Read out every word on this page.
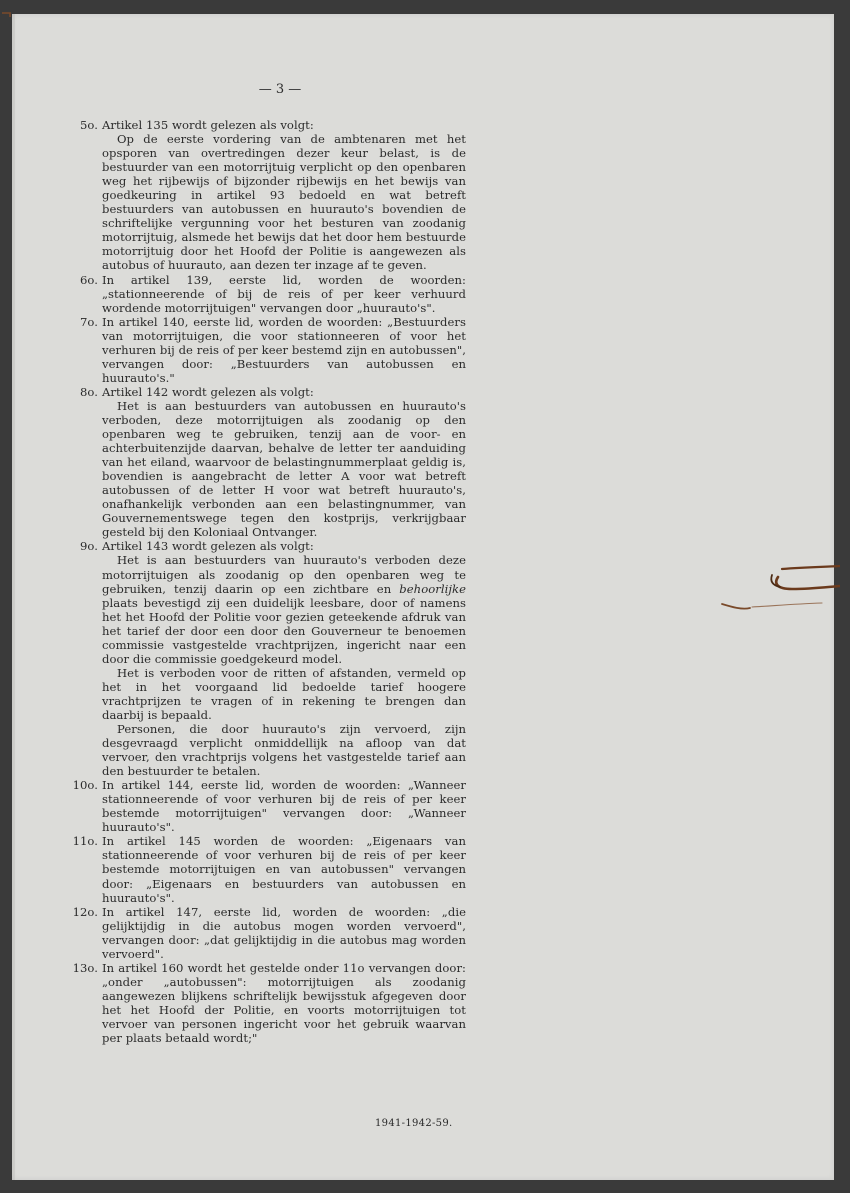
— 3 —
5o. Artikel 135 wordt gelezen als volgt:

Op de eerste vordering van de ambtenaren met het opsporen van overtredingen dezer keur belast, is de bestuurder van een motorrijtuig verplicht op den openbaren weg het rijbewijs of bijzonder rijbewijs en het bewijs van goedkeuring in artikel 93 bedoeld en wat betreft bestuurders van autobussen en huurauto's bovendien de schriftelijke vergunning voor het besturen van zoodanig motorrijtuig, alsmede het bewijs dat het door hem bestuurde motorrijtuig door het Hoofd der Politie is aangewezen als autobus of huurauto, aan dezen ter inzage af te geven.

6o. In artikel 139, eerste lid, worden de woorden: „stationneerende of bij de reis of per keer verhuurd wordende motorrijtuigen" vervangen door „huurauto's".

7o. In artikel 140, eerste lid, worden de woorden: „Bestuurders van motorrijtuigen, die voor stationneeren of voor het verhuren bij de reis of per keer bestemd zijn en autobussen", vervangen door: „Bestuurders van autobussen en huurauto's."

8o. Artikel 142 wordt gelezen als volgt:

Het is aan bestuurders van autobussen en huurauto's verboden, deze motorrijtuigen als zoodanig op den openbaren weg te gebruiken, tenzij aan de voor- en achterbuitenzijde daarvan, behalve de letter ter aanduiding van het eiland, waarvoor de belastingnummerplaat geldig is, bovendien is aangebracht de letter A voor wat betreft autobussen of de letter H voor wat betreft huurauto's, onafhankelijk verbonden aan een belastingnummer, van Gouvernementswege tegen den kostprijs, verkrijgbaar gesteld bij den Koloniaal Ontvanger.

9o. Artikel 143 wordt gelezen als volgt:

Het is aan bestuurders van huurauto's verboden deze motorrijtuigen als zoodanig op den openbaren weg te gebruiken, tenzij daarin op een zichtbare en behoorlijke plaats bevestigd zij een duidelijk leesbare, door of namens het het Hoofd der Politie voor gezien geteekende afdruk van het tarief der door een door den Gouverneur te benoemen commissie vastgestelde vrachtprijzen, ingericht naar een door die commissie goedgekeurd model.

Het is verboden voor de ritten of afstanden, vermeld op het in het voorgaand lid bedoelde tarief hoogere vrachtprijzen te vragen of in rekening te brengen dan daarbij is bepaald.

Personen, die door huurauto's zijn vervoerd, zijn desgevraagd verplicht onmiddellijk na afloop van dat vervoer, den vrachtprijs volgens het vastgestelde tarief aan den bestuurder te betalen.

10o. In artikel 144, eerste lid, worden de woorden: „Wanneer stationneerende of voor verhuren bij de reis of per keer bestemde motorrijtuigen" vervangen door: „Wanneer huurauto's".

11o. In artikel 145 worden de woorden: „Eigenaars van stationneerende of voor verhuren bij de reis of per keer bestemde motorrijtuigen en van autobussen" vervangen door: „Eigenaars en bestuurders van autobussen en huurauto's".

12o. In artikel 147, eerste lid, worden de woorden: „die gelijktijdig in die autobus mogen worden vervoerd", vervangen door: „dat gelijktijdig in die autobus mag worden vervoerd".

13o. In artikel 160 wordt het gestelde onder 11o vervangen door: „onder „autobussen": motorrijtuigen als zoodanig aangewezen blijkens schriftelijk bewijsstuk afgegeven door het het Hoofd der Politie, en voorts motorrijtuigen tot vervoer van personen ingericht voor het gebruik waarvan per plaats betaald wordt;"

1941-1942-59.
